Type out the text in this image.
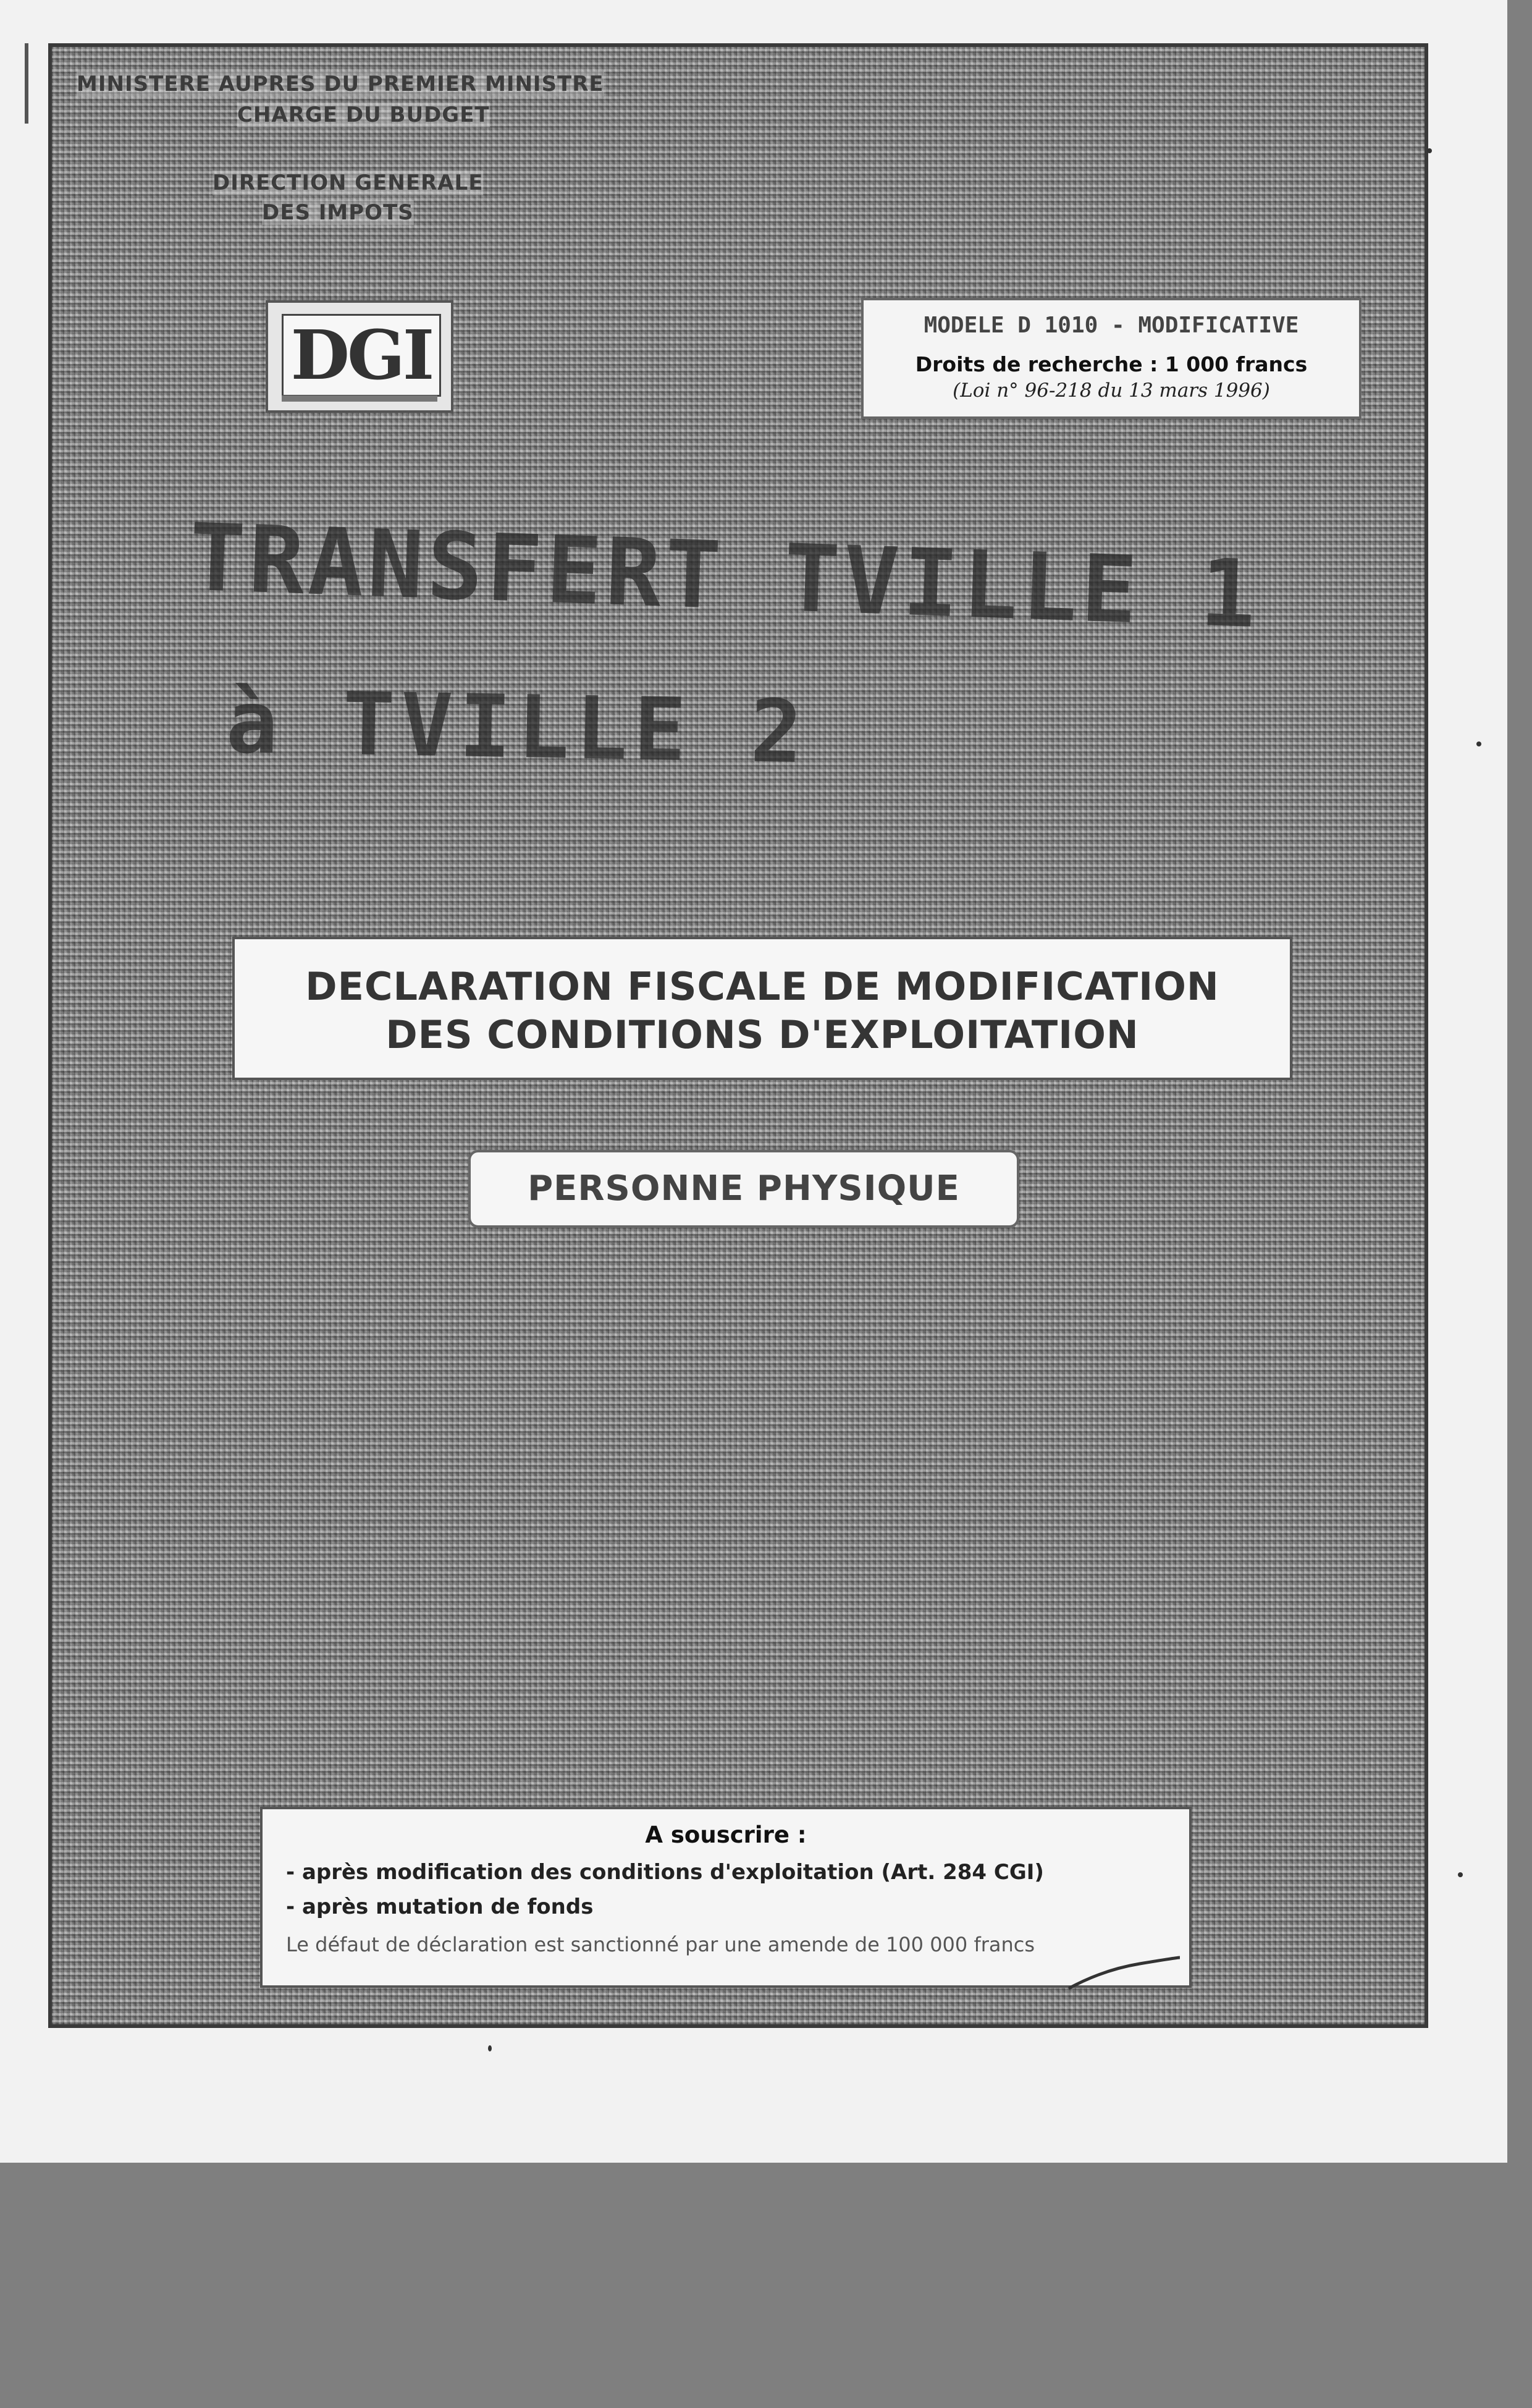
MINISTERE AUPRES DU PREMIER MINISTRE
CHARGE DU BUDGET
DIRECTION GENERALE
DES IMPOTS
DGI	MODELE D 1010 - MODIFICATIVE
Droits de recherche : 1 000 francs
(Loi n° 96-218 du 13 mars 1996)
TRANSFERT TVILLE 1
à TVILLE 2
DECLARATION FISCALE DE MODIFICATION
DES CONDITIONS D'EXPLOITATION
PERSONNE PHYSIQUE
A souscrire :
- après modification des conditions d'exploitation (Art. 284 CGI)
- après mutation de fonds
Le défaut de déclaration est sanctionné par une amende de 100 000 francs
